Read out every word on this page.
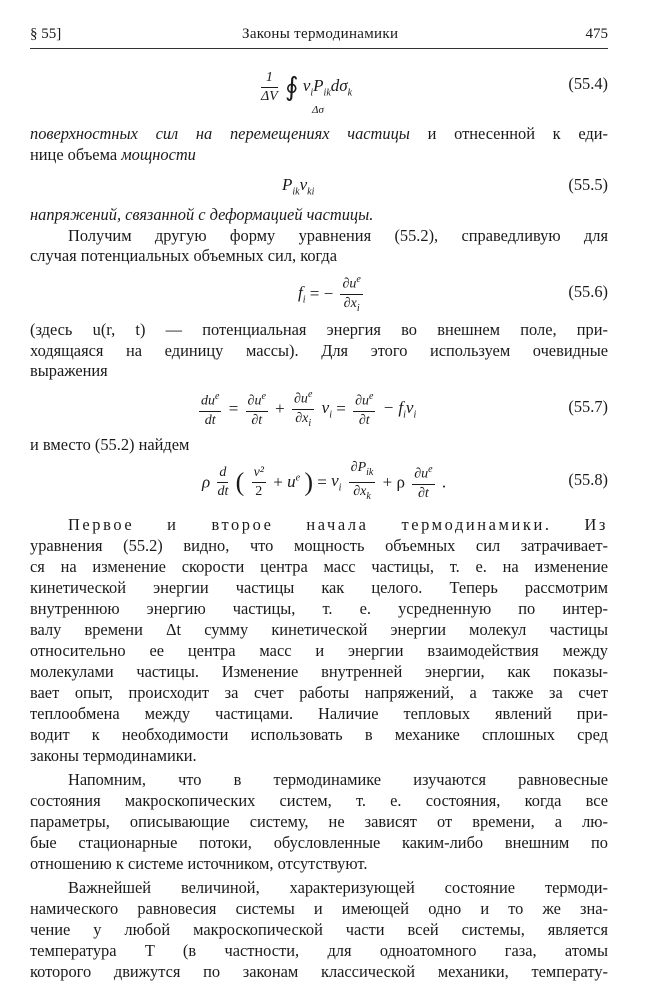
§ 55]	Законы термодинамики	475
$\frac{1}{\Delta V}$ ∮ $v_iP_{ik}d\sigma_k$
Δσ
(55.4)
поверхностных сил на перемещениях частицы и отнесенной к еди-
нице объема мощности
$P_{ik}v_{ki}$	(55.5)
напряжений, связанной с деформацией частицы.
Получим другую форму уравнения (55.2), справедливую для
случая потенциальных объемных сил, когда
$f_i$ = − $\frac{\partial u^e}{\partial x_i}$	(55.6)
(здесь u(r, t) — потенциальная энергия во внешнем поле, при-
ходящаяся на единицу массы). Для этого используем очевидные
выражения
$\frac{du^e}{dt} = \frac{\partial u^e}{\partial t} + \frac{\partial u^e}{\partial x_i} v_i = \frac{\partial u^e}{\partial t} - f_iv_i$	(55.7)
и вместо (55.2) найдем
ρ $\frac{d}{dt}$ ( $\frac{\text{v²}}{2} + u^e$ ) = $v_i \frac{\partial P_{ik}}{\partial x_k} + \rho \frac{\partial u^e}{\partial t}$ .	(55.8)
Первое и второе начала термодинамики. Из
уравнения (55.2) видно, что мощность объемных сил затрачивает-
ся на изменение скорости центра масс частицы, т. е. на изменение
кинетической энергии частицы как целого. Теперь рассмотрим
внутреннюю энергию частицы, т. е. усредненную по интер-
валу времени Δt сумму кинетической энергии молекул частицы
относительно ее центра масс и энергии взаимодействия между
молекулами частицы. Изменение внутренней энергии, как показы-
вает опыт, происходит за счет работы напряжений, а также за счет
теплообмена между частицами. Наличие тепловых явлений при-
водит к необходимости использовать в механике сплошных сред
законы термодинамики.
Напомним, что в термодинамике изучаются равновесные
состояния макроскопических систем, т. е. состояния, когда все
параметры, описывающие систему, не зависят от времени, а лю-
бые стационарные потоки, обусловленные каким-либо внешним по
отношению к системе источником, отсутствуют.
Важнейшей величиной, характеризующей состояние термоди-
намического равновесия системы и имеющей одно и то же зна-
чение у любой макроскопической части всей системы, является
температура T (в частности, для одноатомного газа, атомы
которого движутся по законам классической механики, температу-
